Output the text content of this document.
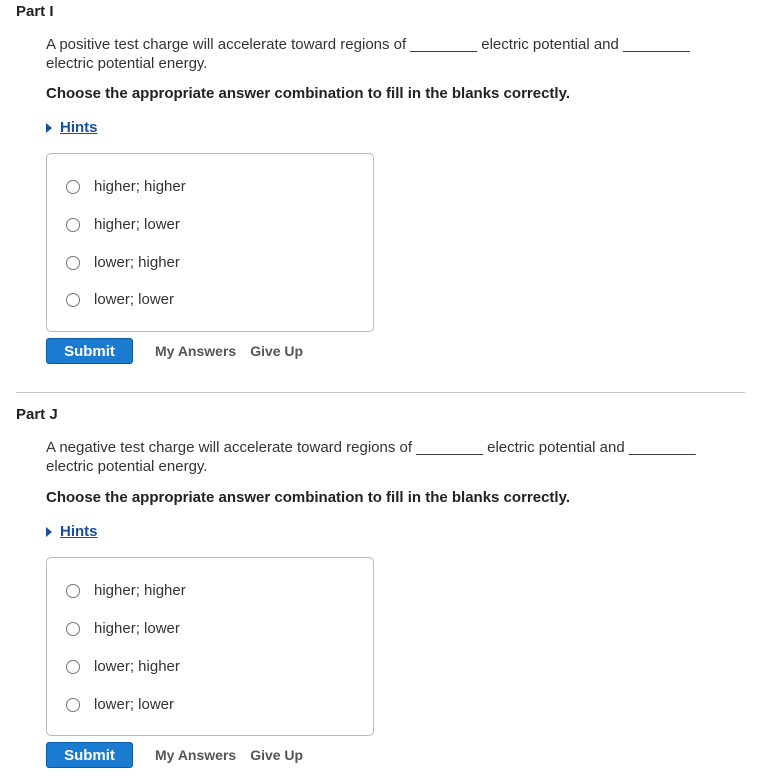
Part I
A positive test charge will accelerate toward regions of ________ electric potential and ________
electric potential energy.
Choose the appropriate answer combination to fill in the blanks correctly.
Hints
higher; higher
higher; lower
lower; higher
lower; lower
Submit	My Answers Give Up
Part J
A negative test charge will accelerate toward regions of ________ electric potential and ________
electric potential energy.
Choose the appropriate answer combination to fill in the blanks correctly.
Hints
higher; higher
higher; lower
lower; higher
lower; lower
Submit	My Answers Give Up
